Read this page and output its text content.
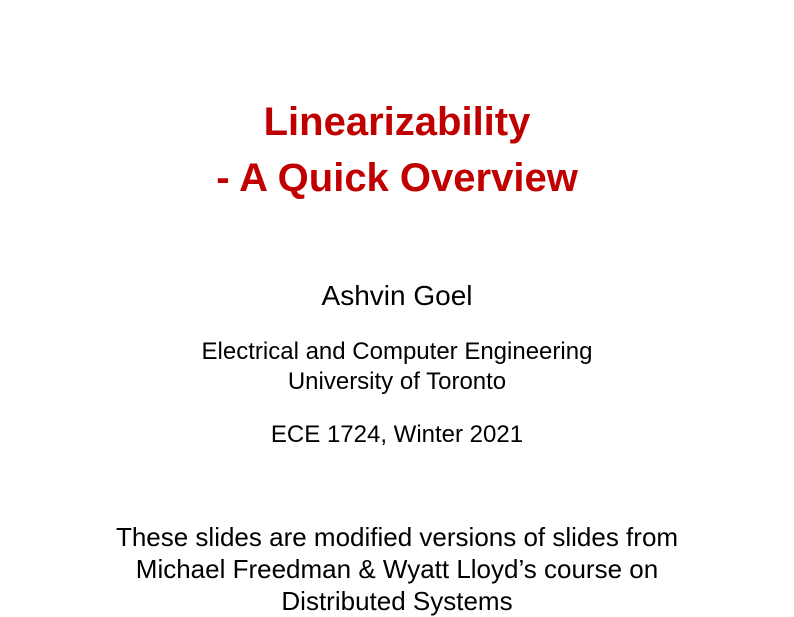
Linearizability
- A Quick Overview
Ashvin Goel
Electrical and Computer Engineering
University of Toronto
ECE 1724, Winter 2021
These slides are modified versions of slides from
Michael Freedman & Wyatt Lloyd’s course on
Distributed Systems
